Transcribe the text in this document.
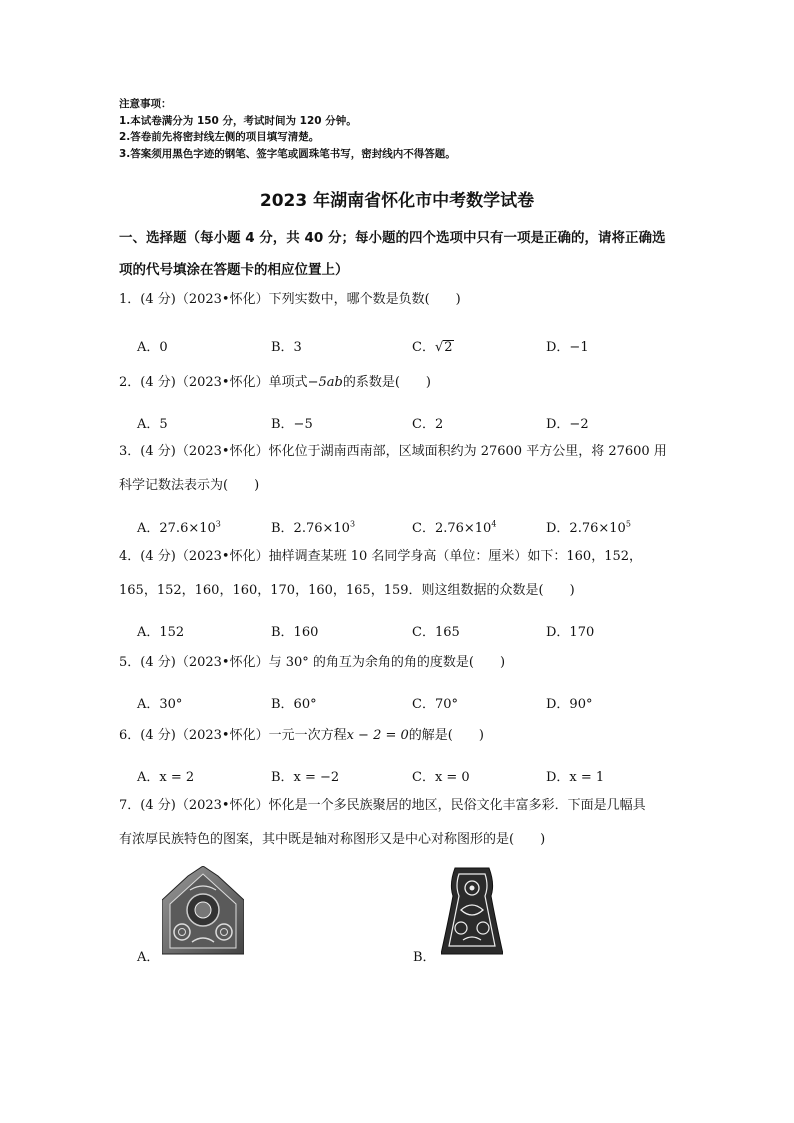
注意事项：
1.本试卷满分为 150 分，考试时间为 120 分钟。
2.答卷前先将密封线左侧的项目填写清楚。
3.答案须用黑色字迹的钢笔、签字笔或圆珠笔书写，密封线内不得答题。
2023 年湖南省怀化市中考数学试卷
一、选择题（每小题 4 分，共 40 分；每小题的四个选项中只有一项是正确的，请将正确选
项的代号填涂在答题卡的相应位置上）
1．(4 分)（2023•怀化）下列实数中，哪个数是负数(　　)
A．0	B．3	C．√2	D．−1
2．(4 分)（2023•怀化）单项式−5ab的系数是(　　)
A．5	B．−5	C．2	D．−2
3．(4 分)（2023•怀化）怀化位于湖南西南部，区域面积约为 27600 平方公里，将 27600 用
科学记数法表示为(　　)
A．$27.6\times 10^3$	B．$2.76\times 10^3$	C．$2.76\times 10^4$	D．$2.76\times 10^5$
4．(4 分)（2023•怀化）抽样调查某班 10 名同学身高（单位：厘米）如下：160，152，
165，152，160，160，170，160，165，159．则这组数据的众数是(　　)
A．152	B．160	C．165	D．170
5．(4 分)（2023•怀化）与 30° 的角互为余角的角的度数是(　　)
A．30°	B．60°	C．70°	D．90°
6．(4 分)（2023•怀化）一元一次方程x − 2 = 0的解是(　　)
A．x = 2	B．x = −2	C．x = 0	D．x = 1
7．(4 分)（2023•怀化）怀化是一个多民族聚居的地区，民俗文化丰富多彩．下面是几幅具
有浓厚民族特色的图案，其中既是轴对称图形又是中心对称图形的是(　　)
A．	B．
